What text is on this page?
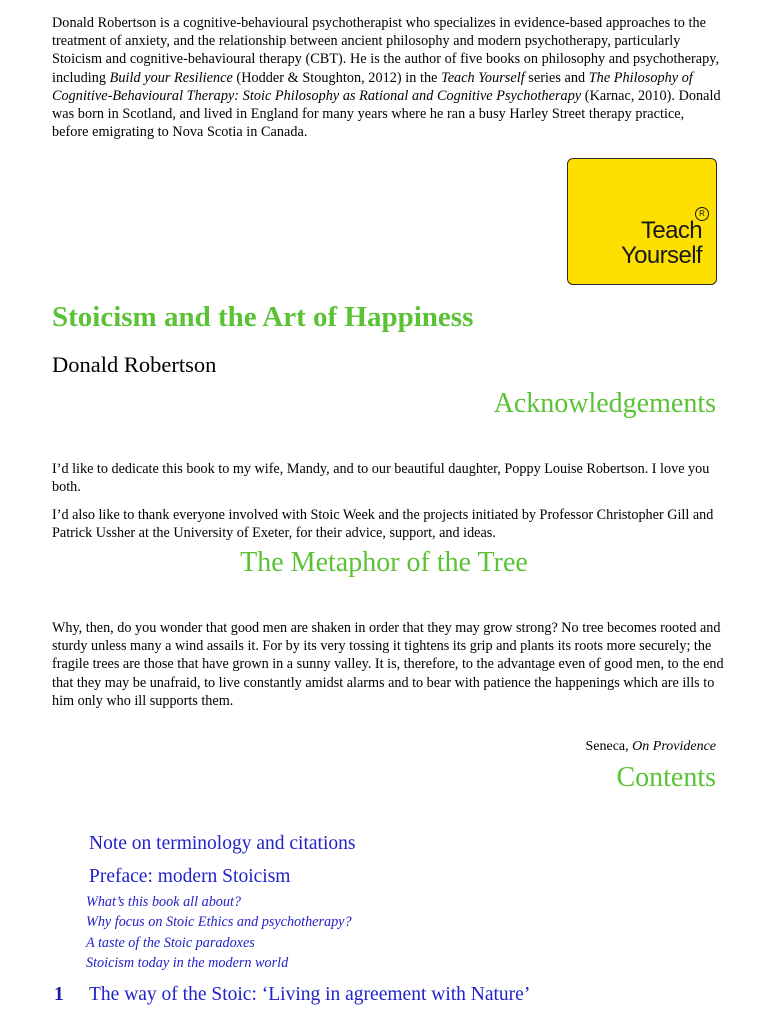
Donald Robertson is a cognitive-behavioural psychotherapist who specializes in evidence-based approaches to the treatment of anxiety, and the relationship between ancient philosophy and modern psychotherapy, particularly Stoicism and cognitive-behavioural therapy (CBT). He is the author of five books on philosophy and psychotherapy, including Build your Resilience (Hodder & Stoughton, 2012) in the Teach Yourself series and The Philosophy of Cognitive-Behavioural Therapy: Stoic Philosophy as Rational and Cognitive Psychotherapy (Karnac, 2010). Donald was born in Scotland, and lived in England for many years where he ran a busy Harley Street therapy practice, before emigrating to Nova Scotia in Canada.
R
Teach
Yourself
Stoicism and the Art of Happiness
Donald Robertson
Acknowledgements
I’d like to dedicate this book to my wife, Mandy, and to our beautiful daughter, Poppy Louise Robertson. I love you both.
I’d also like to thank everyone involved with Stoic Week and the projects initiated by Professor Christopher Gill and Patrick Ussher at the University of Exeter, for their advice, support, and ideas.
The Metaphor of the Tree
Why, then, do you wonder that good men are shaken in order that they may grow strong? No tree becomes rooted and sturdy unless many a wind assails it. For by its very tossing it tightens its grip and plants its roots more securely; the fragile trees are those that have grown in a sunny valley. It is, therefore, to the advantage even of good men, to the end that they may be unafraid, to live constantly amidst alarms and to bear with patience the happenings which are ills to him only who ill supports them.
Seneca, On Providence
Contents
Note on terminology and citations
Preface: modern Stoicism
What’s this book all about?
Why focus on Stoic Ethics and psychotherapy?
A taste of the Stoic paradoxes
Stoicism today in the modern world
1 The way of the Stoic: ‘Living in agreement with Nature’
